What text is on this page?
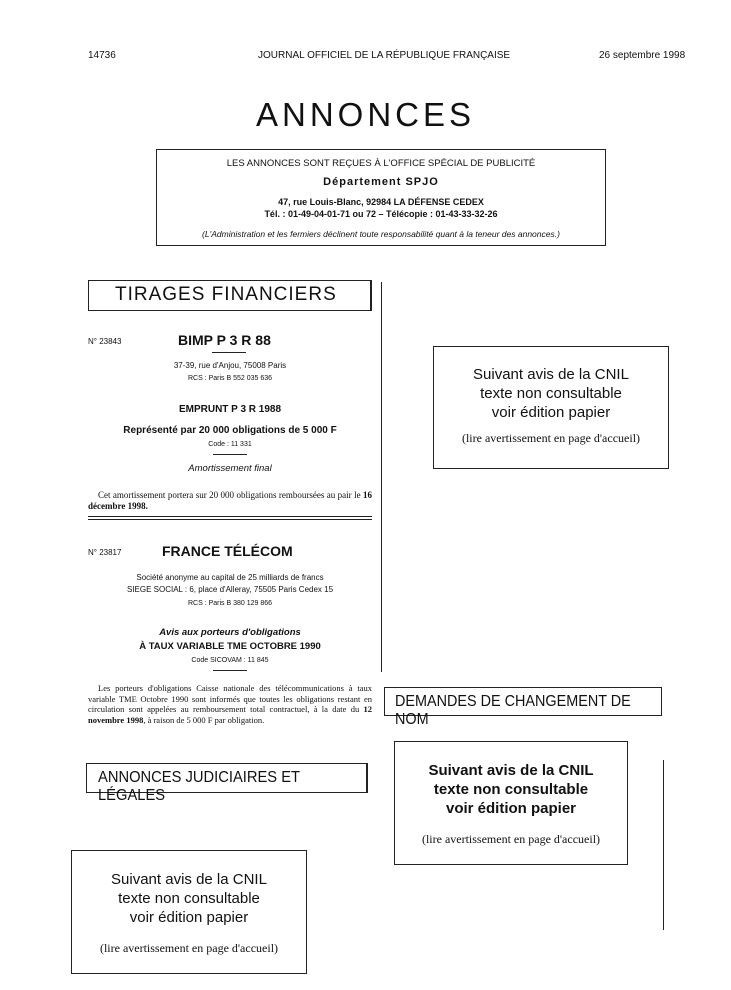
14736	JOURNAL OFFICIEL DE LA RÉPUBLIQUE FRANÇAISE	26 septembre 1998
ANNONCES
LES ANNONCES SONT REÇUES À L'OFFICE SPÉCIAL DE PUBLICITÉ
Département SPJO
47, rue Louis-Blanc, 92984 LA DÉFENSE CEDEX
Tél. : 01-49-04-01-71 ou 72 – Télécopie : 01-43-33-32-26
(L'Administration et les fermiers déclinent toute responsabilité quant à la teneur des annonces.)
TIRAGES FINANCIERS
N° 23843	BIMP P 3 R 88
37-39, rue d'Anjou, 75008 Paris
RCS : Paris B 552 035 636
EMPRUNT P 3 R 1988
Représenté par 20 000 obligations de 5 000 F
Code : 11 331
Amortissement final
Cet amortissement portera sur 20 000 obligations remboursées au pair le 16 décembre 1998.
N° 23817	FRANCE TÉLÉCOM
Société anonyme au capital de 25 milliards de francs
SIEGE SOCIAL : 6, place d'Alleray, 75505 Paris Cedex 15
RCS : Paris B 380 129 866
Avis aux porteurs d'obligations
À TAUX VARIABLE TME OCTOBRE 1990
Code SICOVAM : 11 845
Les porteurs d'obligations Caisse nationale des télécommunications à taux variable TME Octobre 1990 sont informés que toutes les obligations restant en circulation sont appelées au remboursement total contractuel, à la date du 12 novembre 1998, à raison de 5 000 F par obligation.
ANNONCES JUDICIAIRES ET LÉGALES
DEMANDES DE CHANGEMENT DE NOM
Suivant avis de la CNIL
texte non consultable
voir édition papier
(lire avertissement en page d'accueil)
Suivant avis de la CNIL
texte non consultable
voir édition papier
(lire avertissement en page d'accueil)
Suivant avis de la CNIL
texte non consultable
voir édition papier
(lire avertissement en page d'accueil)
